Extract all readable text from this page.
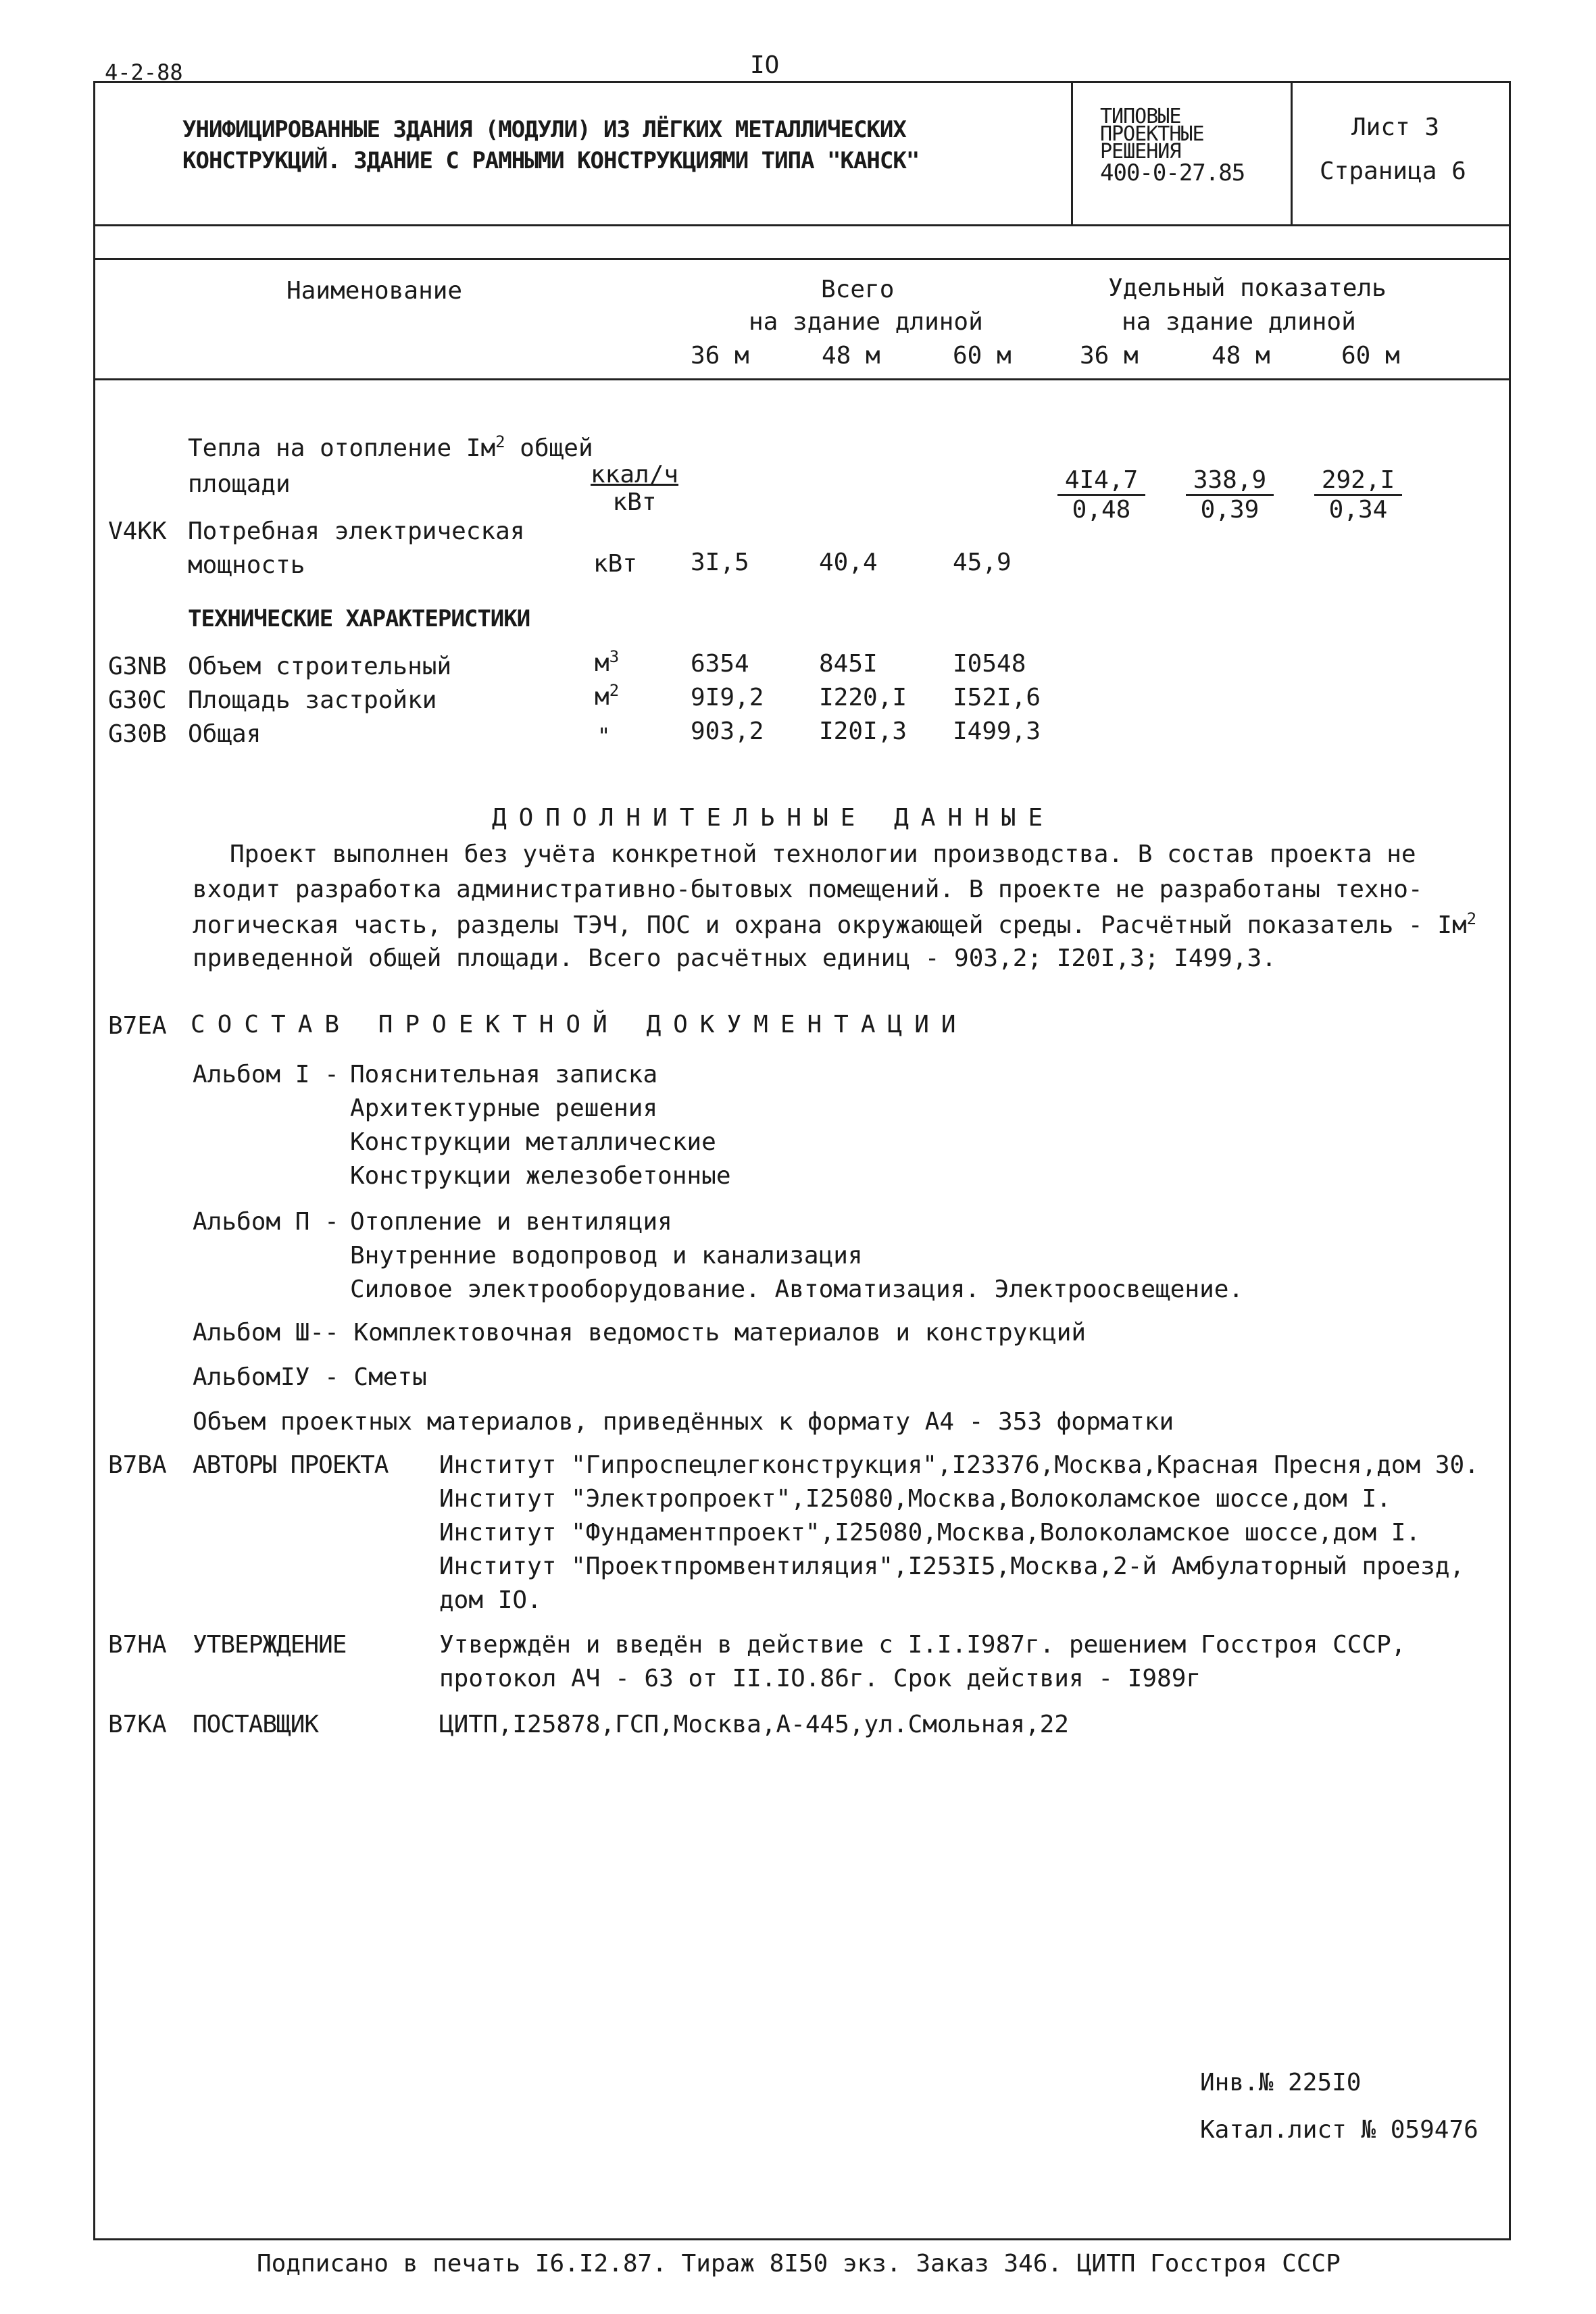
4-2-88	IO
УНИФИЦИРОВАННЫЕ ЗДАНИЯ (МОДУЛИ) ИЗ ЛЁГКИХ МЕТАЛЛИЧЕСКИХ
КОНСТРУКЦИЙ. ЗДАНИЕ С РАМНЫМИ КОНСТРУКЦИЯМИ ТИПА "КАНСК"
ТИПОВЫЕ
ПРОЕКТНЫЕ
РЕШЕНИЯ
400-0-27.85
Лист 3
Страница 6
Наименование	Всего
на здание длиной
Удельный показатель
на здание длиной
36 м	48 м	60 м	36 м	48 м	60 м
Тепла на отопление $Iм^2$ общей
площади	ккал/ч
кВт	$\frac{4I4,7}{0,48} \frac{338,9}{0,39} \frac{292,I}{0,34}$
V4KK Потребная электрическая
мощность	кВт 3I,5	40,4	45,9
ТЕХНИЧЕСКИЕ ХАРАКТЕРИСТИКИ
G3NB Объем строительный	$м^3$	6354	845I	I0548
G30C Площадь застройки	$м^2$	9I9,2 I220,I I52I,6
G30B Общая	"	903,2 I20I,3 I499,3
ДОПОЛНИТЕЛЬНЫЕ ДАННЫЕ
Проект выполнен без учёта конкретной технологии производства. В состав проекта не
входит разработка административно-бытовых помещений. В проекте не разработаны техно-
логическая часть, разделы ТЭЧ, ПОС и охрана окружающей среды. Расчётный показатель - $Iм^2$
приведенной общей площади. Всего расчётных единиц - 903,2; I20I,3; I499,3.
B7EA СОСТАВ ПРОЕКТНОЙ ДОКУМЕНТАЦИИ
Альбом I - Пояснительная записка
Архитектурные решения
Конструкции металлические
Конструкции железобетонные
Альбом П - Отопление и вентиляция
Внутренние водопровод и канализация
Силовое электрооборудование. Автоматизация. Электроосвещение.
Альбом Ш-- Комплектовочная ведомость материалов и конструкций
АльбомIУ - Сметы
Объем проектных материалов, приведённых к формату А4 - 353 форматки
B7BA АВТОРЫ ПРОЕКТА Институт "Гипроспецлегконструкция",I23376,Москва,Красная Пресня,дом 30.
Институт "Электропроект",I25080,Москва,Волоколамское шоссе,дом I.
Институт "Фундаментпроект",I25080,Москва,Волоколамское шоссе,дом I.
Институт "Проектпромвентиляция",I253I5,Москва,2-й Амбулаторный проезд,
дом IO.
B7HA УТВЕРЖДЕНИЕ	Утверждён и введён в действие с I.I.I987г. решением Госстроя СССР,
протокол АЧ - 63 от II.IO.86г. Срок действия - I989г
B7KA ПОСТАВЩИК	ЦИТП,I25878,ГСП,Москва,А-445,ул.Смольная,22
Инв.№ 225I0
Катал.лист № 059476
Подписано в печать I6.I2.87. Тираж 8I50 экз. Заказ 346. ЦИТП Госстроя СССР
